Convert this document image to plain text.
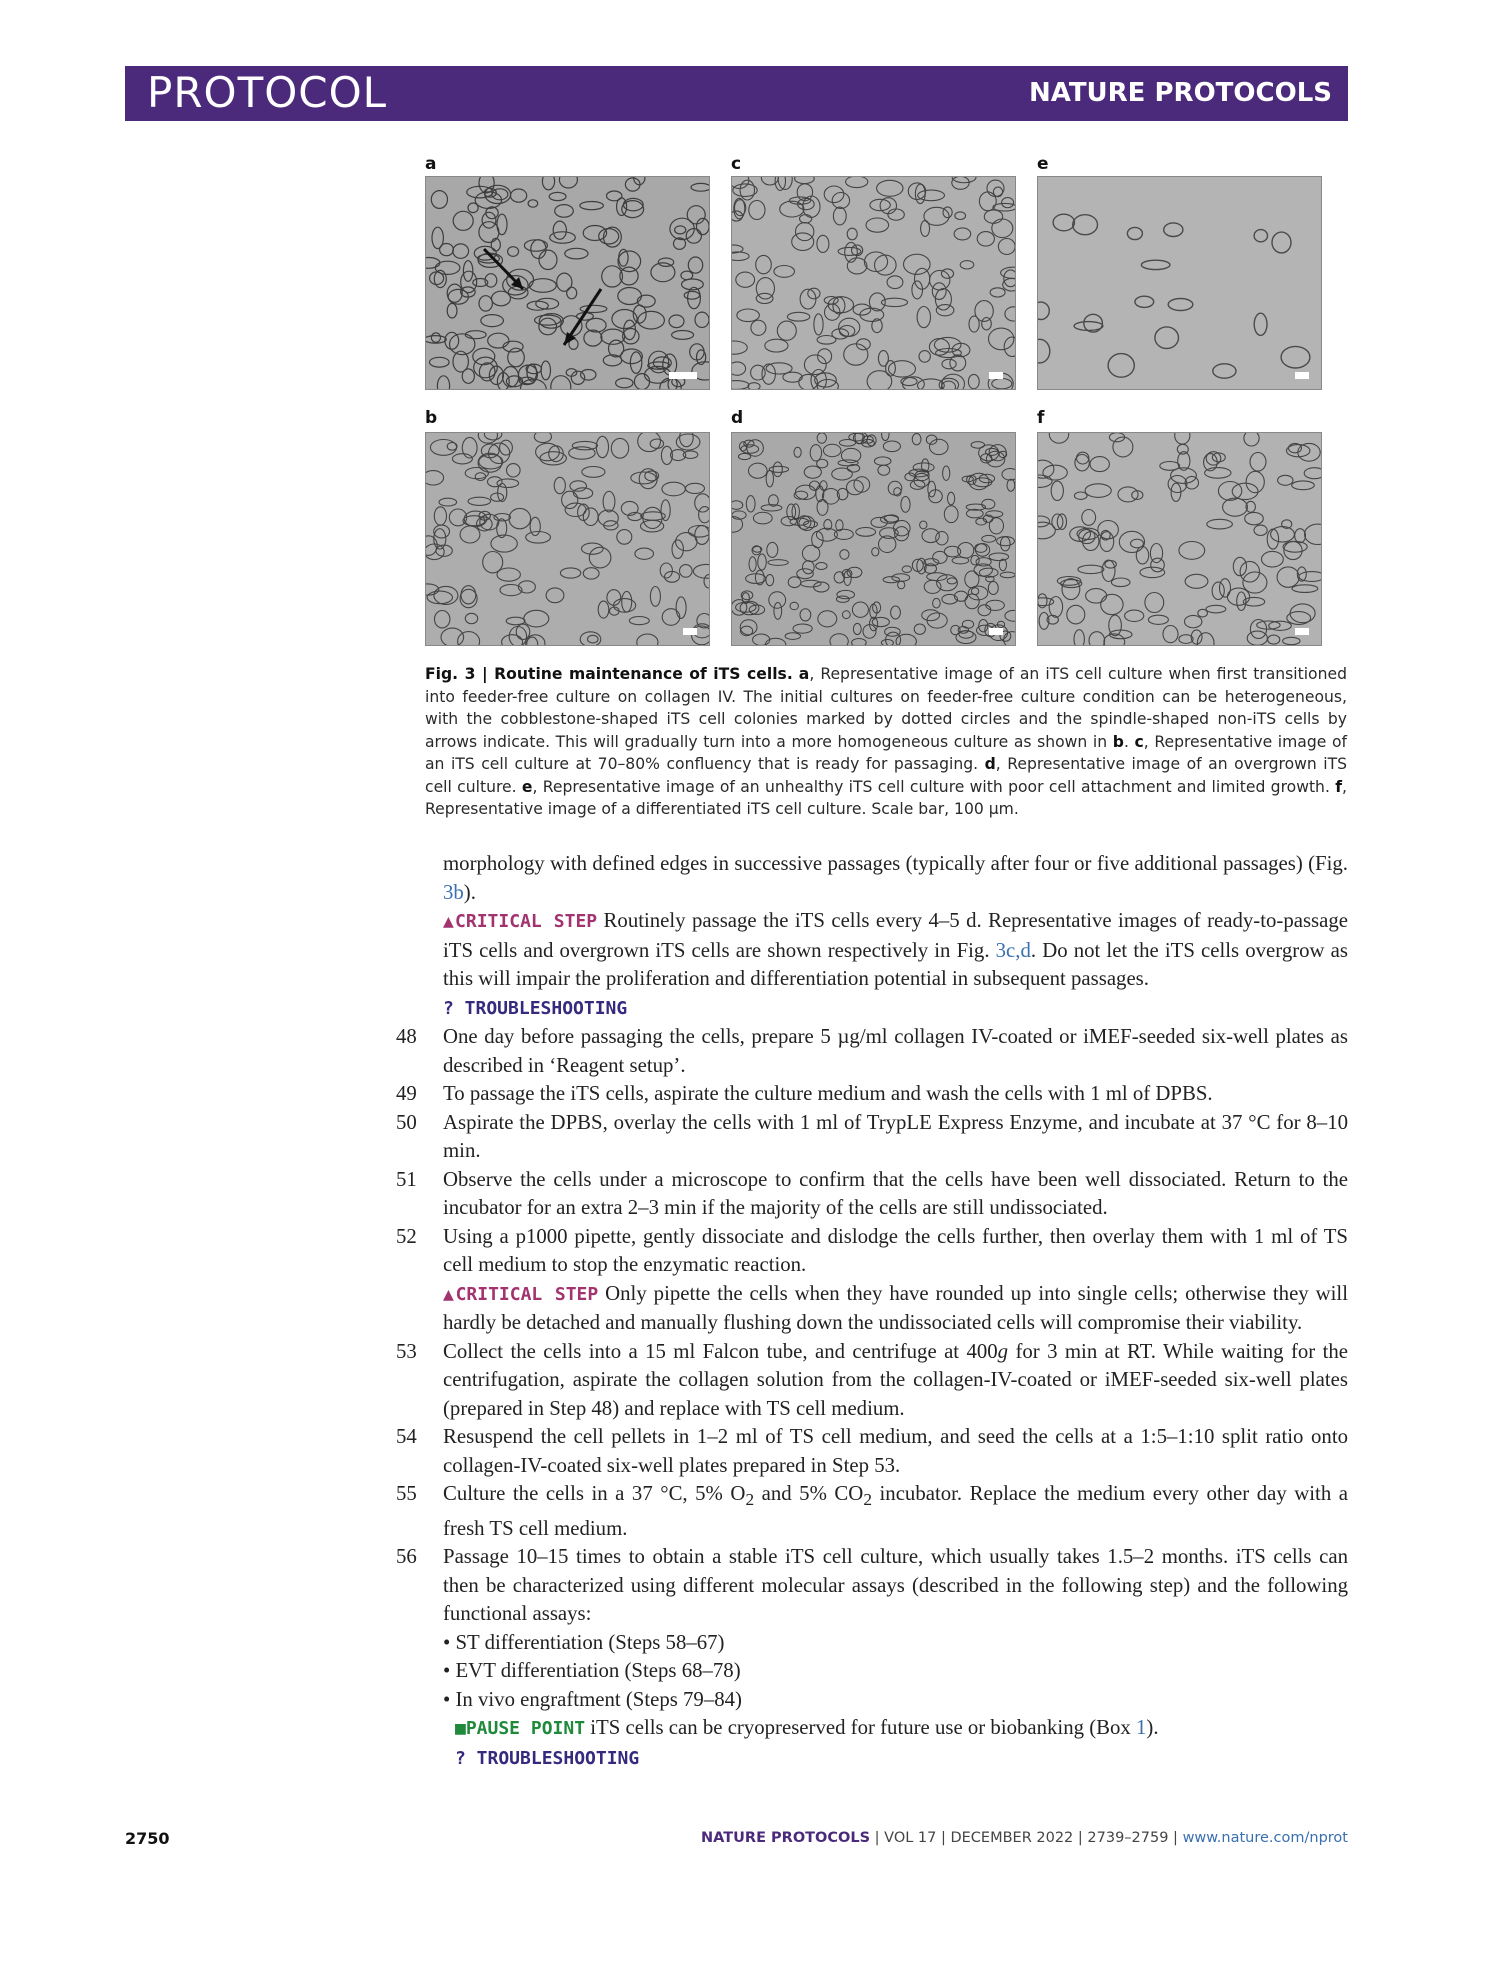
PROTOCOL	NATURE PROTOCOLS
a	c	e
b	d	f
Fig. 3 | Routine maintenance of iTS cells. a, Representative image of an iTS cell culture when first transitioned into feeder-free culture on collagen IV. The initial cultures on feeder-free culture condition can be heterogeneous, with the cobblestone-shaped iTS cell colonies marked by dotted circles and the spindle-shaped non-iTS cells by arrows indicate. This will gradually turn into a more homogeneous culture as shown in b. c, Representative image of an iTS cell culture at 70–80% confluency that is ready for passaging. d, Representative image of an overgrown iTS cell culture. e, Representative image of an unhealthy iTS cell culture with poor cell attachment and limited growth. f, Representative image of a differentiated iTS cell culture. Scale bar, 100 µm.

morphology with defined edges in successive passages (typically after four or five additional passages) (Fig. 3b).

▲CRITICAL STEP Routinely passage the iTS cells every 4–5 d. Representative images of ready-to-passage iTS cells and overgrown iTS cells are shown respectively in Fig. 3c,d. Do not let the iTS cells overgrow as this will impair the proliferation and differentiation potential in subsequent passages.

? TROUBLESHOOTING

48 One day before passaging the cells, prepare 5 µg/ml collagen IV-coated or iMEF-seeded six-well plates as described in ‘Reagent setup’.
49 To passage the iTS cells, aspirate the culture medium and wash the cells with 1 ml of DPBS.
50 Aspirate the DPBS, overlay the cells with 1 ml of TrypLE Express Enzyme, and incubate at 37 °C for 8–10 min.
51 Observe the cells under a microscope to confirm that the cells have been well dissociated. Return to the incubator for an extra 2–3 min if the majority of the cells are still undissociated.
52 Using a p1000 pipette, gently dissociate and dislodge the cells further, then overlay them with 1 ml of TS cell medium to stop the enzymatic reaction.

▲CRITICAL STEP Only pipette the cells when they have rounded up into single cells; otherwise they will hardly be detached and manually flushing down the undissociated cells will compromise their viability.

53 Collect the cells into a 15 ml Falcon tube, and centrifuge at 400g for 3 min at RT. While waiting for the centrifugation, aspirate the collagen solution from the collagen-IV-coated or iMEF-seeded six-well plates (prepared in Step 48) and replace with TS cell medium.
54 Resuspend the cell pellets in 1–2 ml of TS cell medium, and seed the cells at a 1:5–1:10 split ratio onto collagen-IV-coated six-well plates prepared in Step 53.
55 Culture the cells in a 37 °C, 5% $O_2$ and 5% $CO_2$ incubator. Replace the medium every other day with a fresh TS cell medium.
56 Passage 10–15 times to obtain a stable iTS cell culture, which usually takes 1.5–2 months. iTS cells can then be characterized using different molecular assays (described in the following step) and the following functional assays:
• ST differentiation (Steps 58–67)
• EVT differentiation (Steps 68–78)
• In vivo engraftment (Steps 79–84)

■PAUSE POINT iTS cells can be cryopreserved for future use or biobanking (Box 1).

? TROUBLESHOOTING

2750	NATURE PROTOCOLS | VOL 17 | DECEMBER 2022 | 2739–2759 | www.nature.com/nprot
